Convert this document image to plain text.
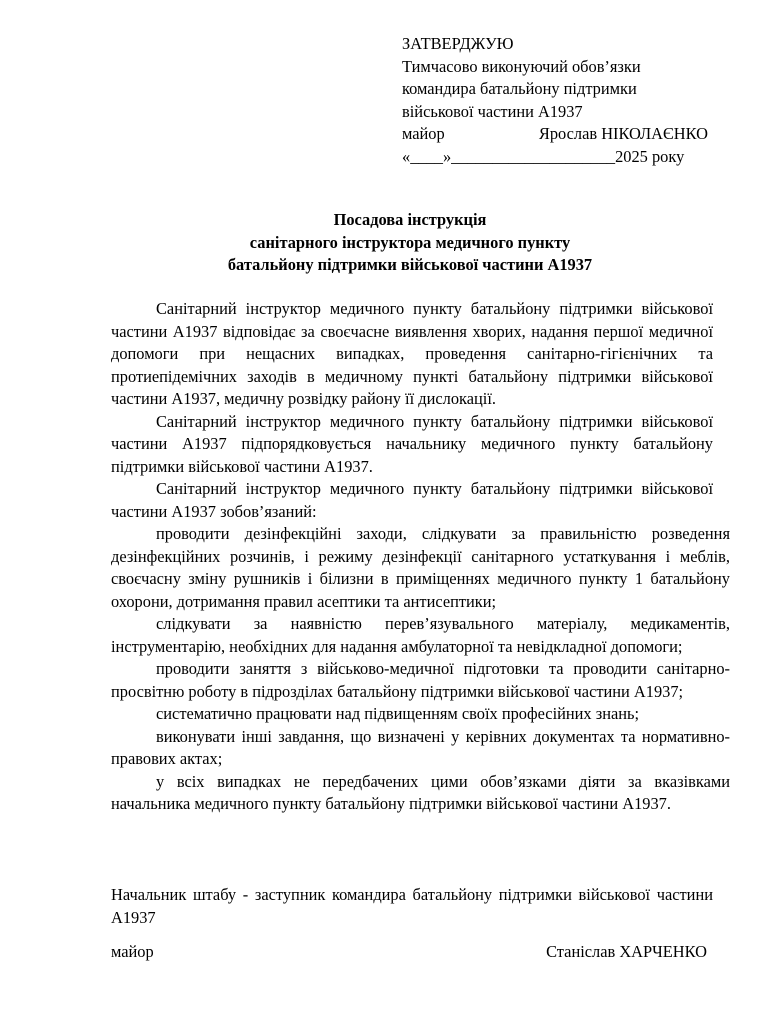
ЗАТВЕРДЖУЮ
Тимчасово виконуючий обов’язки
командира батальйону підтримки
військової частини А1937
майор	Ярослав НІКОЛАЄНКО
«____»____________________2025 року
Посадова інструкція
санітарного інструктора медичного пункту
батальйону підтримки військової частини А1937
Санітарний інструктор медичного пункту батальйону підтримки військової частини А1937 відповідає за своєчасне виявлення хворих, надання першої медичної допомоги при нещасних випадках, проведення санітарно-гігієнічних та протиепідемічних заходів в медичному пункті батальйону підтримки військової частини А1937, медичну розвідку району її дислокації.
Санітарний інструктор медичного пункту батальйону підтримки військової частини А1937 підпорядковується начальнику медичного пункту батальйону підтримки військової частини А1937.
Санітарний інструктор медичного пункту батальйону підтримки військової частини А1937 зобов’язаний:
проводити дезінфекційні заходи, слідкувати за правильністю розведення дезінфекційних розчинів, і режиму дезінфекції санітарного устаткування і меблів, своєчасну зміну рушників і білизни в приміщеннях медичного пункту 1 батальйону охорони, дотримання правил асептики та антисептики;
слідкувати за наявністю перев’язувального матеріалу, медикаментів, інструментарію, необхідних для надання амбулаторної та невідкладної допомоги;
проводити заняття з військово-медичної підготовки та проводити санітарно-просвітню роботу в підрозділах батальйону підтримки військової частини А1937;
систематично працювати над підвищенням своїх професійних знань;
виконувати інші завдання, що визначені у керівних документах та нормативно-правових актах;
у всіх випадках не передбачених цими обов’язками діяти за вказівками начальника медичного пункту батальйону підтримки військової частини А1937.
Начальник штабу - заступник командира батальйону підтримки військової частини А1937
майор	Станіслав ХАРЧЕНКО
